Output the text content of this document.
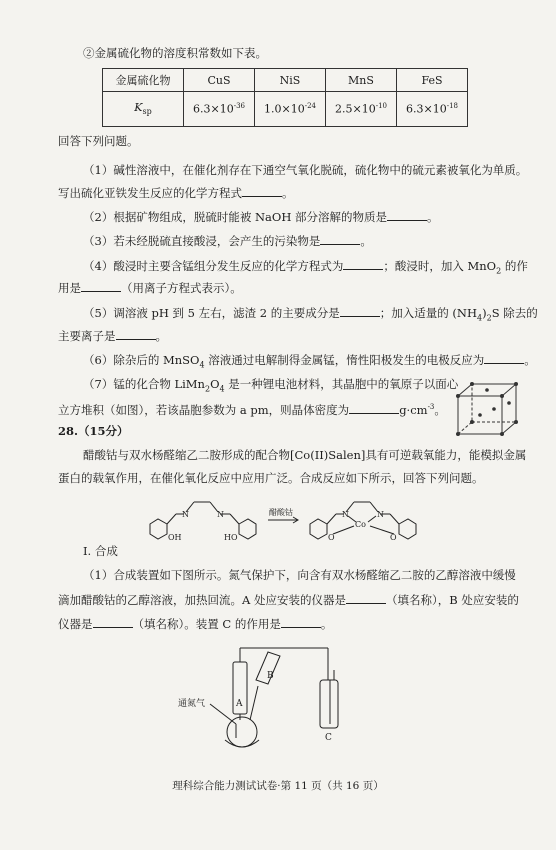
②金属硫化物的溶度积常数如下表。
金属硫化物	CuS	NiS	MnS	FeS
$K_{sp}$	$6.3\times 10^{-36}$	$1.0\times 10^{-24}$	$2.5\times 10^{-10}$	$6.3\times 10^{-18}$
回答下列问题。
（1）碱性溶液中，在催化剂存在下通空气氧化脱硫，硫化物中的硫元素被氧化为单质。
写出硫化亚铁发生反应的化学方程式	。
（2）根据矿物组成，脱硫时能被 NaOH 部分溶解的物质是	。
（3）若未经脱硫直接酸浸，会产生的污染物是	。
（4）酸浸时主要含锰组分发生反应的化学方程式为	；酸浸时，加入 MnO$_2$ 的作
用是	（用离子方程式表示）。
（5）调溶液 pH 到 5 左右，滤渣 2 的主要成分是	；加入适量的 $(NH_4)_2S$ 除去的
主要离子是	。
（6）除杂后的 MnSO$_4$ 溶液通过电解制得金属锰，惰性阳极发生的电极反应为	。
（7）锰的化合物 $LiMn_2O_4$ 是一种锂电池材料，其晶胞中的氧原子以面心
立方堆积（如图），若该晶胞参数为 a pm，则晶体密度为	$g\cdot cm^{-3}$。
28.（15分）
醋酸钴与双水杨醛缩乙二胺形成的配合物[Co(II)Salen]具有可逆载氧能力，能模拟金属
蛋白的载氧作用，在催化氧化反应中应用广泛。合成反应如下所示，回答下列问题。
N	N
OH	HO
N	N
Co
O	O
醋酸钴
I. 合成
（1）合成装置如下图所示。氮气保护下，向含有双水杨醛缩乙二胺的乙醇溶液中缓慢
滴加醋酸钴的乙醇溶液，加热回流。A 处应安装的仪器是	（填名称），B 处应安装的
仪器是	（填名称）。装置 C 的作用是	。
通氮气	A
B
C
理科综合能力测试试卷·第 11 页（共 16 页）
